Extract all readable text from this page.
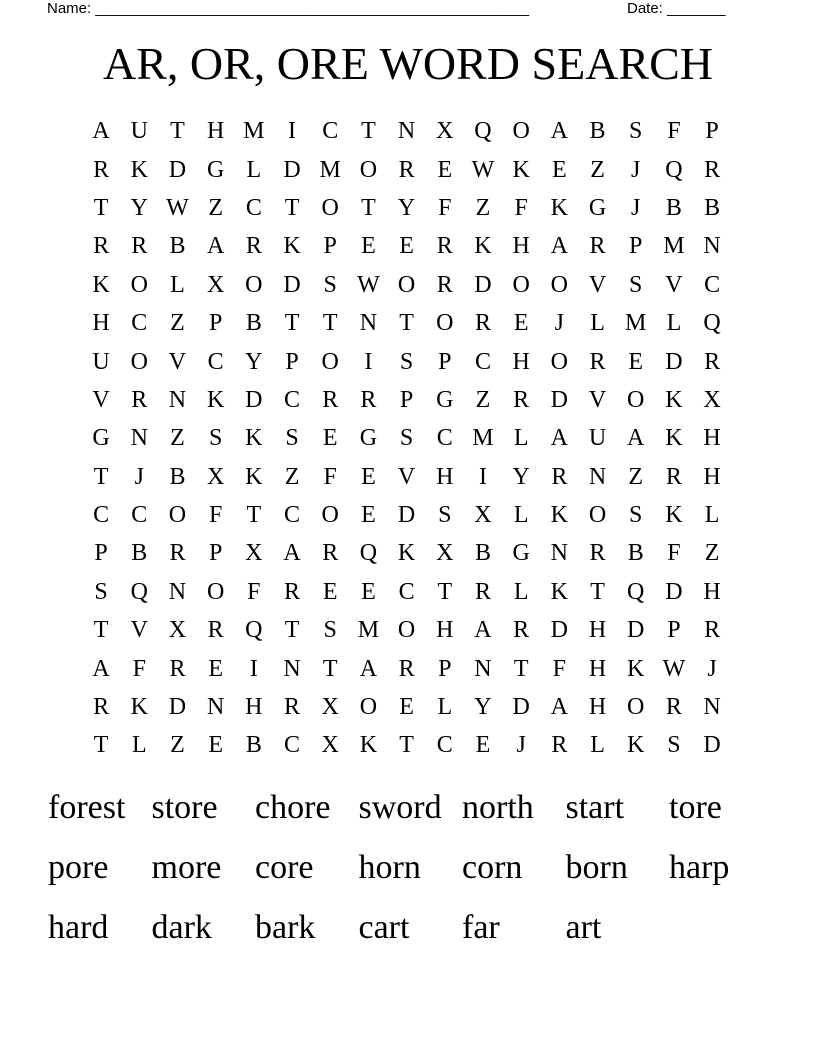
Name: ____________________________________________________	Date: _______
AR, OR, ORE WORD SEARCH
A U T H M I	C T N X Q O A B S	F	P
R K D G L D M O R E W K E Z	J	Q R
T Y W Z C T O T Y F	Z	F K G	J	B B
R R B A R K P	E E R K H A R P M N
K O L X O D S W O R D O O V S V C
H C Z	P B T T N T O R E	J	L M L Q
U O V C Y P O	I	S	P C H O R E D R
V R N K D C R R P G Z R D V O K X
G N Z	S K S	E G S C M L A U A K H
T	J	B X K Z	F	E V H	I	Y R N Z R H
C C O F	T C O E D S X L K O S K L
P B R P X A R Q K X B G N R B F	Z
S Q N O F R E E C T R L K T Q D H
T V X R Q T	S M O H A R D H D P R
A F R E	I	N T A R P N T	F H K W J
R K D N H R X O E L Y D A H O R N
T L Z E B C X K T C E	J	R L K S D
forest store	chore sword north start	tore
pore	more core	horn	corn	born	harp
hard	dark	bark	cart	far	art
